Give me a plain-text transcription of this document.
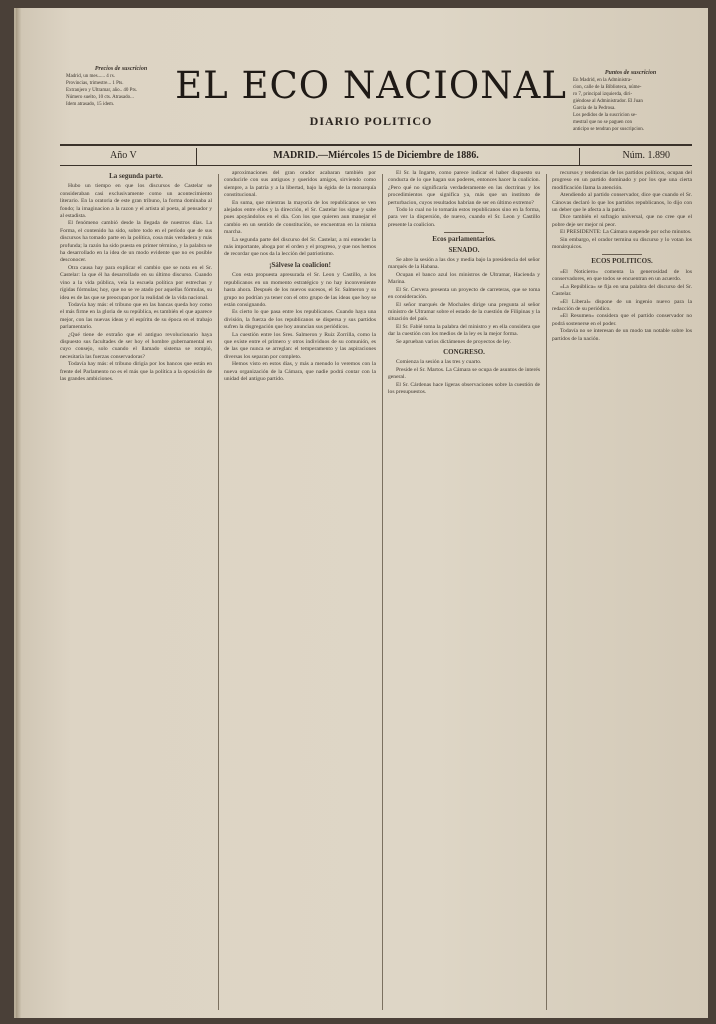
Precios de suscricion
Madrid, un mes...... 4 rs.
Provincias, trimestre... 1 Pts.
Extranjero y Ultramar, año.. 40 Pts.
Número suelto, 10 cts. Atrasado...
Idem atrasado, 15 idem.	EL ECO NACIONAL
DIARIO POLITICO
Puntos de suscricion
En Madrid, en la Administra-
cion, calle de la Biblioteca, núme-
ro 7, principal izquierda, diri-
giéndose al Administrador. El Juan
Garcia de la Pedrosa.
Los pedidos de la suscricion se-
mestral que no se paguen con
anticipo se tendran por suscripcion.
Año V	MADRID.—Miércoles 15 de Diciembre de 1886.	Núm. 1.890
La segunda parte.

Hubo un tiempo en que los discursos de Castelar se consideraban casi exclusivamente como un acontecimiento literario. En la oratoria de este gran tribuno, la forma dominaba al fondo; la imaginacion a la razon y el artista al poeta, al pensador y al estadista.

El fenómeno cambió desde la llegada de nuestros días. La Forma, el contenido ha sido, sobre todo en el período que de sus discursos ha tomado parte en la política, cosa más verdadera y más profunda; la razón ha sido puesta en primer término, y la palabra se ha desarrollado en la idea de un modo evidente que no es posible desconocer.

Otra causa hay para explicar el cambio que se nota en el Sr. Castelar: la que él ha desarrollado en su último discurso. Cuando vino a la vida pública, veía la escuela política por estrechas y rígidas fórmulas; hoy, que no se ve atado por aquellas fórmulas, su idea es de las que se preocupan por la realidad de la vida nacional.

Todavía hay más: el tribuno que en las bancas queda hoy como el más firme en la gloria de su república, es también el que aparece mejor, con las nuevas ideas y el espíritu de su época en el trabajo parlamentario.

¿Qué tiene de extraño que el antiguo revolucionario haya dispuesto sus facultades de ser hoy el hombre gubernamental en cuyo consejo, solo cuando el llamado sistema se rompió, necesitaría las fuerzas conservadoras?

Todavía hay más: el tribuno dirigía por los bancos que están en frente del Parlamento no es el más que la política a la oposición de las grandes ambiciones.

aproximaciones del gran orador acabaran también por conducirle con sus antiguos y queridos amigos, sirviendo como siempre, a la patria y a la libertad, bajo la égida de la monarquía constitucional.

En suma, que mientras la mayoría de los republicanos se ven alejados entre ellos y la dirección, el Sr. Castelar los sigue y sabe pues apoyándolos en el día. Con los que quieren aun manejar el cambio en un sentido de constitución, se encuentran en la misma marcha.

La segunda parte del discurso del Sr. Castelar, a mi entender la más importante, aboga por el orden y el progreso, y que nos hemos de recordar que nos da la lección del patriotismo.

¡Sálvese la coalicion!

Con esta propuesta apresurada el Sr. Leon y Castillo, a los republicanos en un momento estratégico y no hay inconveniente hasta ahora. Después de los nuevos sucesos, el Sr. Salmeron y su grupo no podrían ya tener con el otro grupo de las ideas que hoy se están consignando.

Es cierto lo que pasa entre los republicanos. Cuando haya una división, la fuerza de los republicanos se dispersa y sus partidos sufren la disgregación que hoy anuncian sus periódicos.

La cuestión entre los Sres. Salmeron y Ruiz Zorrilla, como la que existe entre el primero y otros individuos de su comunión, es de las que nunca se arreglan: el temperamento y las aspiraciones diversas los separan por completo.

Hemos visto en estos días, y más a menudo lo veremos con la nueva organización de la Cámara, que nadie podrá contar con la unidad del antiguo partido.

El Sr. la Ingarte, como parece indicar el haber dispuesto su conducta de lo que hagan sus poderes, entonces hacer la coalicion. ¿Pero qué no significaría verdaderamente en las doctrinas y los procedimientos que significa ya, más que un instituto de perturbacion, cuyos resultados habrían de ser en último extremo?

Todo lo cual no lo tomarán estos republicanos sino en la forma, para ver la dispersión, de nuevo, cuando el Sr. Leon y Castillo presente la coalicion.

Ecos parlamentarios.
SENADO.

Se abre la sesión a las dos y media bajo la presidencia del señor marqués de la Habana.

Ocupan el banco azul los ministros de Ultramar, Hacienda y Marina.

El Sr. Cervera presenta un proyecto de carreteras, que se toma en consideración.

El señor marqués de Mochales dirige una pregunta al señor ministro de Ultramar sobre el estado de la cuestión de Filipinas y la situación del país.

El Sr. Fabié toma la palabra del ministro y en ella considera que dar la cuestión con los medios de la ley es la mejor forma.

Se aprueban varios dictámenes de proyectos de ley.

CONGRESO.

Comienza la sesión a las tres y cuarto.

Preside el Sr. Martos. La Cámara se ocupa de asuntos de interés general.

El Sr. Cárdenas hace ligeras observaciones sobre la cuestión de los presupuestos.

recursos y tendencias de los partidos políticos, ocupan del progreso en un partido dominado y por los que una cierta modificación llama la atención.

Atendiendo al partido conservador, dice que cuando el Sr. Cánovas declaró lo que los partidos republicanos, lo dijo con un deber que le afecta a la patria.

Dice también el sufragio universal, que no cree que el pobre deje ser mejor ni peor.

El PRESIDENTE: La Cámara suspende por ocho minutos.

Sin embargo, el orador termina su discurso y lo votan los monárquicos.

ECOS POLITICOS.

«El Noticiero» comenta la generosidad de los conservadores, en que todos se encuentran en un acuerdo.

«La República» se fija en una palabra del discurso del Sr. Castelar.

«El Liberal» dispone de un ingenio nuevo para la redacción de su periódico.

«El Resumen» considera que el partido conservador no podrá sostenerse en el poder.

Todavía no se interesan de un modo tan notable sobre los partidos de la nación.
